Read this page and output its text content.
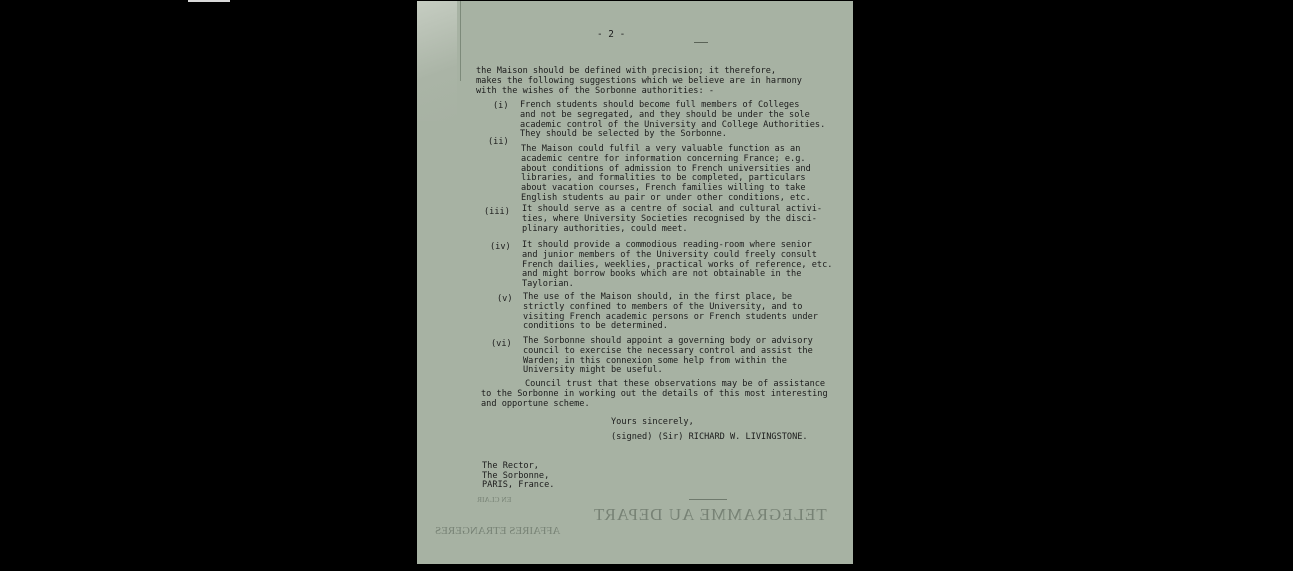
- 2 -
the Maison should be defined with precision; it therefore,
makes the following suggestions which we believe are in harmony
with the wishes of the Sorbonne authorities: -
(i) French students should become full members of Colleges
and not be segregated, and they should be under the sole
academic control of the University and College Authorities.
They should be selected by the Sorbonne.
(ii)
The Maison could fulfil a very valuable function as an
academic centre for information concerning France; e.g.
about conditions of admission to French universities and
libraries, and formalities to be completed, particulars
about vacation courses, French families willing to take
English students au pair or under other conditions, etc.
(iii) It should serve as a centre of social and cultural activi-
ties, where University Societies recognised by the disci-
plinary authorities, could meet.
(iv) It should provide a commodious reading-room where senior
and junior members of the University could freely consult
French dailies, weeklies, practical works of reference, etc.
and might borrow books which are not obtainable in the
Taylorian.
(v) The use of the Maison should, in the first place, be
strictly confined to members of the University, and to
visiting French academic persons or French students under
conditions to be determined.
(vi) The Sorbonne should appoint a governing body or advisory
council to exercise the necessary control and assist the
Warden; in this connexion some help from within the
University might be useful.
Council trust that these observations may be of assistance
to the Sorbonne in working out the details of this most interesting
and opportune scheme.
Yours sincerely,
(signed) (Sir) RICHARD W. LIVINGSTONE.
The Rector,
The Sorbonne,
PARIS, France.
TELEGRAMME AU DEPART
AFFAIRES ETRANGERES
EN CLAIR
